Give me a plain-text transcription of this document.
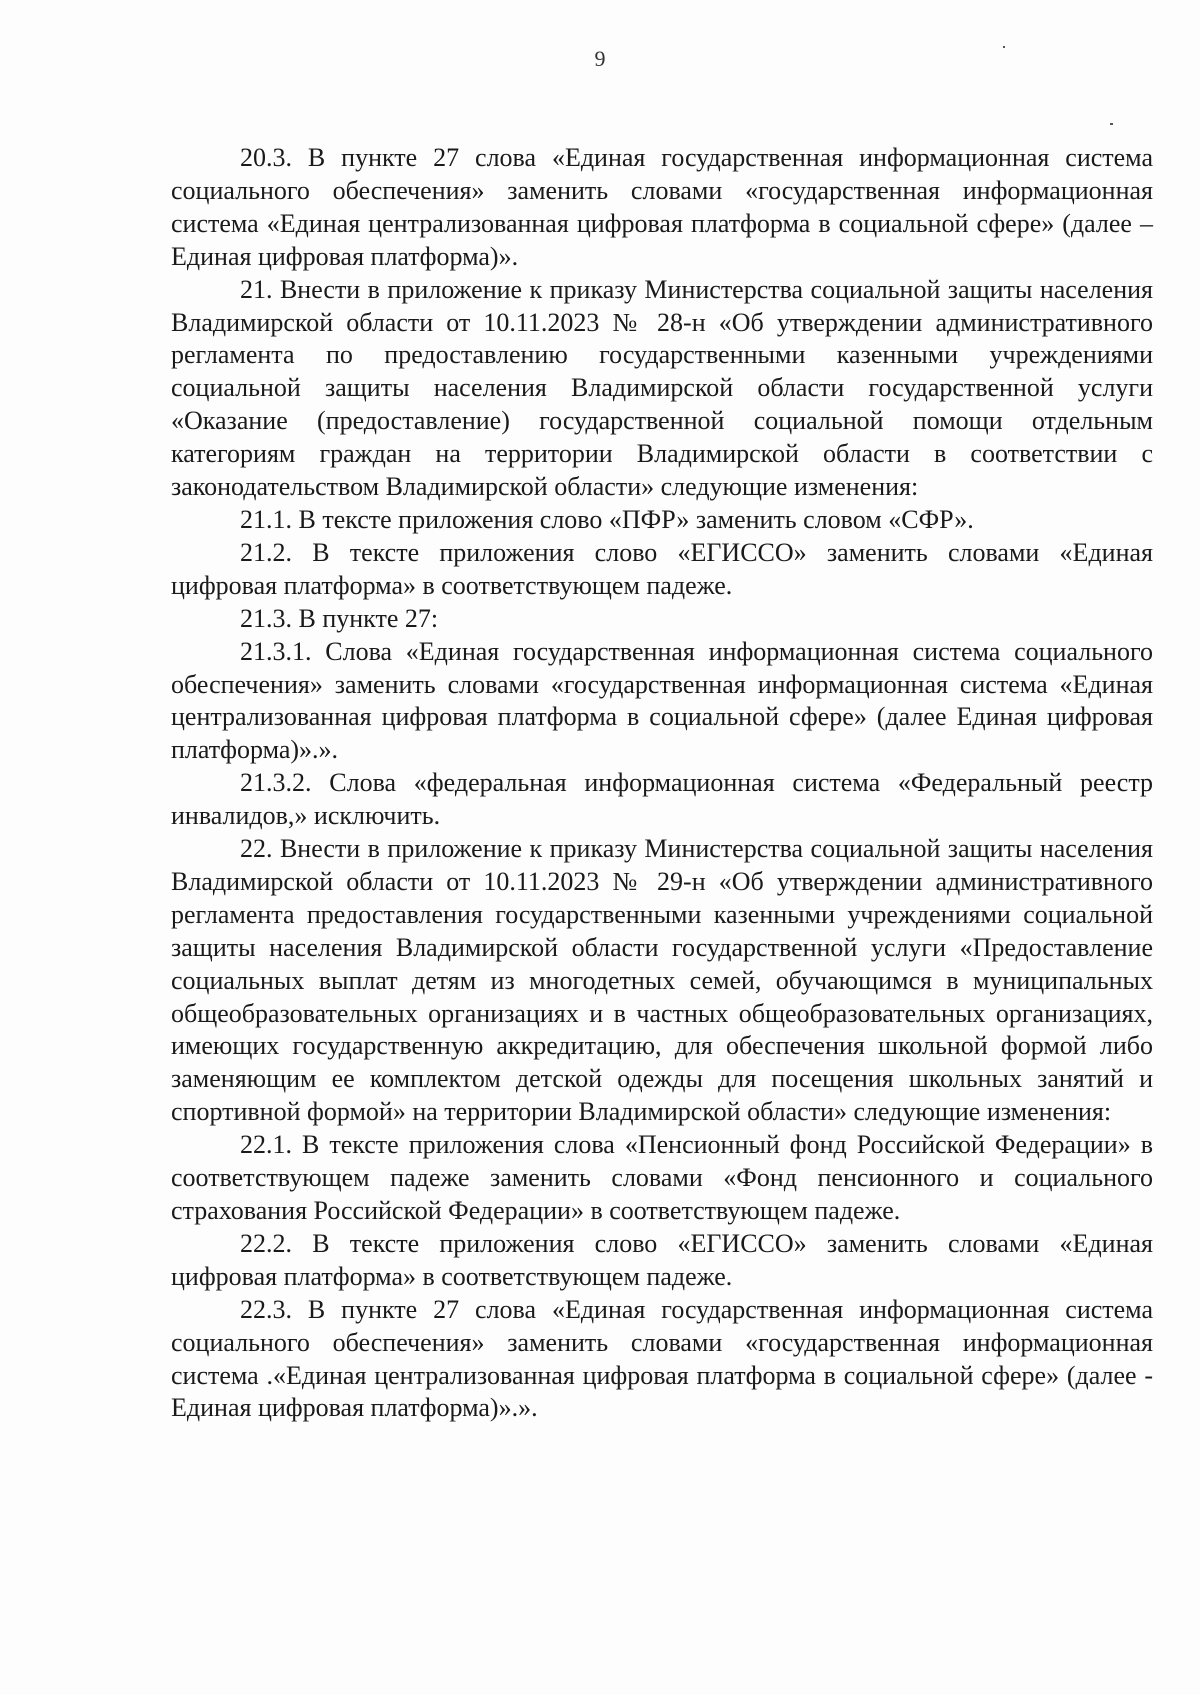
9

20.3. В пункте 27 слова «Единая государственная информационная система социального обеспечения» заменить словами «государственная информационная система «Единая централизованная цифровая платформа в социальной сфере» (далее – Единая цифровая платформа)».

21. Внести в приложение к приказу Министерства социальной защиты населения Владимирской области от 10.11.2023 № 28-н «Об утверждении административного регламента по предоставлению государственными казенными учреждениями социальной защиты населения Владимирской области государственной услуги «Оказание (предоставление) государственной социальной помощи отдельным категориям граждан на территории Владимирской области в соответствии с законодательством Владимирской области» следующие изменения:

21.1. В тексте приложения слово «ПФР» заменить словом «СФР».

21.2. В тексте приложения слово «ЕГИССО» заменить словами «Единая цифровая платформа» в соответствующем падеже.

21.3. В пункте 27:

21.3.1. Слова «Единая государственная информационная система социального обеспечения» заменить словами «государственная информационная система «Единая централизованная цифровая платформа в социальной сфере» (далее Единая цифровая платформа)».».

21.3.2. Слова «федеральная информационная система «Федеральный реестр инвалидов,» исключить.

22. Внести в приложение к приказу Министерства социальной защиты населения Владимирской области от 10.11.2023 № 29-н «Об утверждении административного регламента предоставления государственными казенными учреждениями социальной защиты населения Владимирской области государственной услуги «Предоставление социальных выплат детям из многодетных семей, обучающимся в муниципальных общеобразовательных организациях и в частных общеобразовательных организациях, имеющих государственную аккредитацию, для обеспечения школьной формой либо заменяющим ее комплектом детской одежды для посещения школьных занятий и спортивной формой» на территории Владимирской области» следующие изменения:

22.1. В тексте приложения слова «Пенсионный фонд Российской Федерации» в соответствующем падеже заменить словами «Фонд пенсионного и социального страхования Российской Федерации» в соответствующем падеже.

22.2. В тексте приложения слово «ЕГИССО» заменить словами «Единая цифровая платформа» в соответствующем падеже.

22.3. В пункте 27 слова «Единая государственная информационная система социального обеспечения» заменить словами «государственная информационная система .«Единая централизованная цифровая платформа в социальной сфере» (далее - Единая цифровая платформа)».».
